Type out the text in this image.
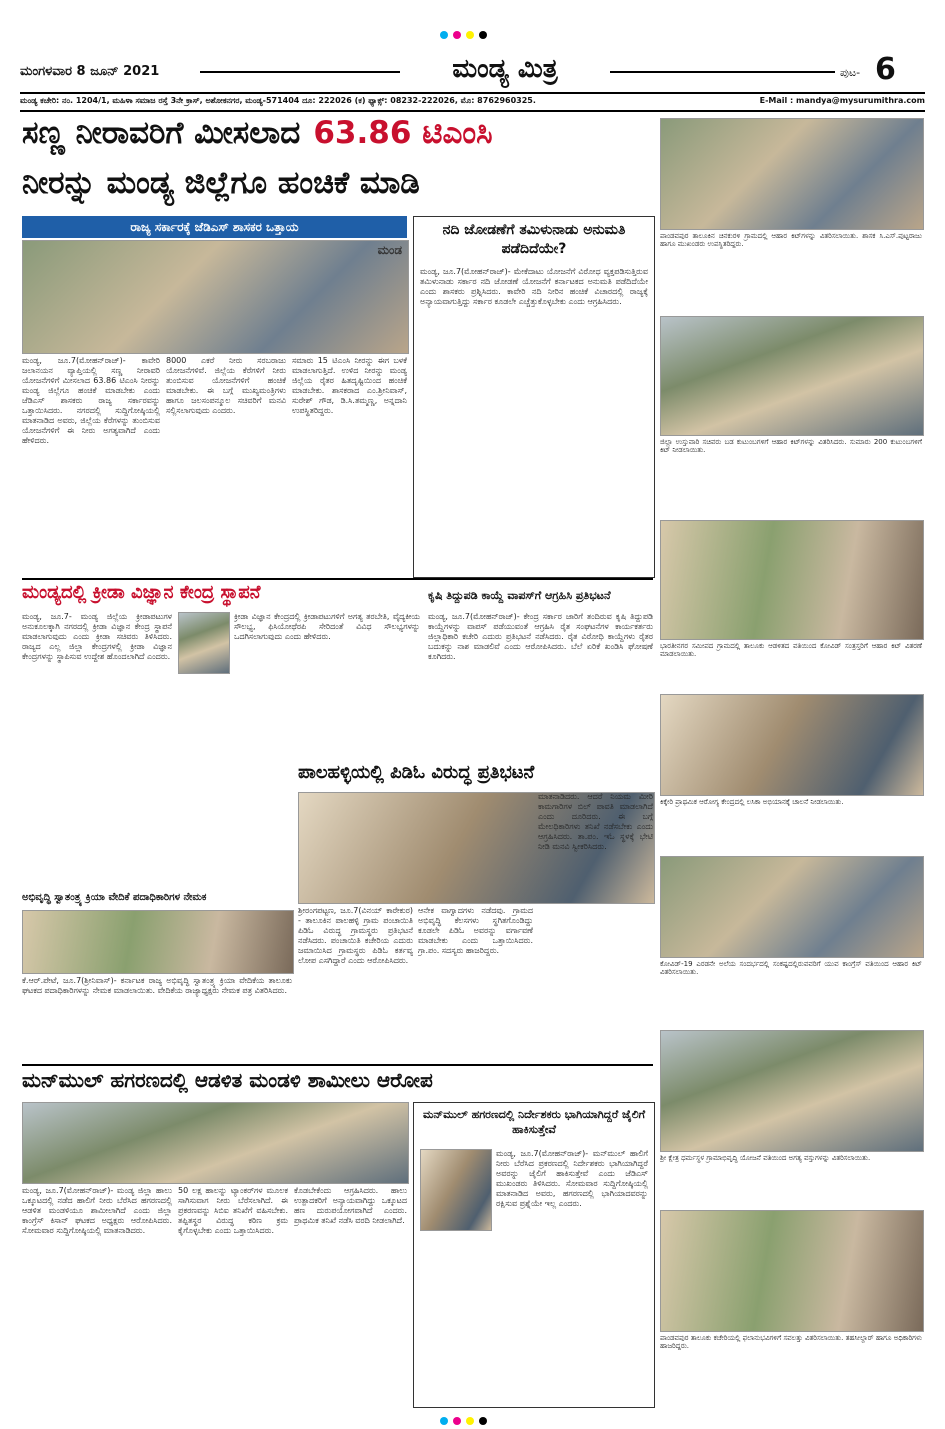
ಮಂಗಳವಾರ 8 ಜೂನ್ 2021	ಮಂಡ್ಯ ಮಿತ್ರ	ಪುಟ- 6
ಮಂಡ್ಯ ಕಚೇರಿ: ನಂ. 1204/1, ಮಹಿಳಾ ಸಮಾಜ ರಸ್ತೆ 3ನೇ ಕ್ರಾಸ್, ಅಶೋಕನಗರ, ಮಂಡ್ಯ-571404 ದೂ: 222026 (ಕ) ಫ್ಯಾಕ್ಸ್: 08232-222026, ಮೊ: 8762960325.	E-Mail : mandya@mysurumithra.com
ಸಣ್ಣ ನೀರಾವರಿಗೆ ಮೀಸಲಾದ 63.86 ಟಿಎಂಸಿ
ನೀರನ್ನು ಮಂಡ್ಯ ಜಿಲ್ಲೆಗೂ ಹಂಚಿಕೆ ಮಾಡಿ
ರಾಜ್ಯ ಸರ್ಕಾರಕ್ಕೆ ಜೆಡಿಎಸ್ ಶಾಸಕರ ಒತ್ತಾಯ
ಮಂಡ
ಮಂಡ್ಯ, ಜೂ.7(ಮೋಹನ್‌ರಾಜ್)- ಕಾವೇರಿ ಜಲಾನಯನ ವ್ಯಾಪ್ತಿಯಲ್ಲಿ ಸಣ್ಣ ನೀರಾವರಿ ಯೋಜನೆಗಳಿಗೆ ಮೀಸಲಾದ 63.86 ಟಿಎಂಸಿ ನೀರನ್ನು ಮಂಡ್ಯ ಜಿಲ್ಲೆಗೂ ಹಂಚಿಕೆ ಮಾಡಬೇಕು ಎಂದು ಜೆಡಿಎಸ್ ಶಾಸಕರು ರಾಜ್ಯ ಸರ್ಕಾರವನ್ನು ಒತ್ತಾಯಿಸಿದರು. ನಗರದಲ್ಲಿ ಸುದ್ದಿಗೋಷ್ಠಿಯಲ್ಲಿ ಮಾತನಾಡಿದ ಅವರು, ಜಿಲ್ಲೆಯ ಕೆರೆಗಳನ್ನು ತುಂಬಿಸುವ ಯೋಜನೆಗಳಿಗೆ ಈ ನೀರು ಅಗತ್ಯವಾಗಿದೆ ಎಂದು ಹೇಳಿದರು.
8000 ಎಕರೆ ನೀರು ಸರಬರಾಜು ಯೋಜನೆಗಳಿವೆ. ಜಿಲ್ಲೆಯ ಕೆರೆಗಳಿಗೆ ನೀರು ತುಂಬಿಸುವ ಯೋಜನೆಗಳಿಗೆ ಹಂಚಿಕೆ ಮಾಡಬೇಕು. ಈ ಬಗ್ಗೆ ಮುಖ್ಯಮಂತ್ರಿಗಳು ಹಾಗೂ ಜಲಸಂಪನ್ಮೂಲ ಸಚಿವರಿಗೆ ಮನವಿ ಸಲ್ಲಿಸಲಾಗುವುದು ಎಂದರು.
ಸಮಾರು 15 ಟಿಎಂಸಿ ನೀರನ್ನು ಈಗ ಬಳಕೆ ಮಾಡಲಾಗುತ್ತಿದೆ. ಉಳಿದ ನೀರನ್ನು ಮಂಡ್ಯ ಜಿಲ್ಲೆಯ ರೈತರ ಹಿತದೃಷ್ಟಿಯಿಂದ ಹಂಚಿಕೆ ಮಾಡಬೇಕು. ಶಾಸಕರಾದ ಎಂ.ಶ್ರೀನಿವಾಸ್, ಸುರೇಶ್ ಗೌಡ, ಡಿ.ಸಿ.ತಮ್ಮಣ್ಣ, ಅನ್ನದಾನಿ ಉಪಸ್ಥಿತರಿದ್ದರು.
ನದಿ ಜೋಡಣೆಗೆ ತಮಿಳುನಾಡು ಅನುಮತಿ ಪಡೆದಿದೆಯೇ?
ಮಂಡ್ಯ, ಜೂ.7(ಮೋಹನ್‌ರಾಜ್)- ಮೇಕೆದಾಟು ಯೋಜನೆಗೆ ವಿರೋಧ ವ್ಯಕ್ತಪಡಿಸುತ್ತಿರುವ ತಮಿಳುನಾಡು ಸರ್ಕಾರ ನದಿ ಜೋಡಣೆ ಯೋಜನೆಗೆ ಕರ್ನಾಟಕದ ಅನುಮತಿ ಪಡೆದಿದೆಯೇ ಎಂದು ಶಾಸಕರು ಪ್ರಶ್ನಿಸಿದರು. ಕಾವೇರಿ ನದಿ ನೀರಿನ ಹಂಚಿಕೆ ವಿಚಾರದಲ್ಲಿ ರಾಜ್ಯಕ್ಕೆ ಅನ್ಯಾಯವಾಗುತ್ತಿದ್ದು ಸರ್ಕಾರ ಕೂಡಲೇ ಎಚ್ಚೆತ್ತುಕೊಳ್ಳಬೇಕು ಎಂದು ಆಗ್ರಹಿಸಿದರು.
ಮಂಡ್ಯದಲ್ಲಿ ಕ್ರೀಡಾ ವಿಜ್ಞಾನ ಕೇಂದ್ರ ಸ್ಥಾಪನೆ
ಮಂಡ್ಯ, ಜೂ.7- ಮಂಡ್ಯ ಜಿಲ್ಲೆಯ ಕ್ರೀಡಾಪಟುಗಳ ಅನುಕೂಲಕ್ಕಾಗಿ ನಗರದಲ್ಲಿ ಕ್ರೀಡಾ ವಿಜ್ಞಾನ ಕೇಂದ್ರ ಸ್ಥಾಪನೆ ಮಾಡಲಾಗುವುದು ಎಂದು ಕ್ರೀಡಾ ಸಚಿವರು ತಿಳಿಸಿದರು. ರಾಜ್ಯದ ಎಲ್ಲ ಜಿಲ್ಲಾ ಕೇಂದ್ರಗಳಲ್ಲಿ ಕ್ರೀಡಾ ವಿಜ್ಞಾನ ಕೇಂದ್ರಗಳನ್ನು ಸ್ಥಾಪಿಸುವ ಉದ್ದೇಶ ಹೊಂದಲಾಗಿದೆ ಎಂದರು.
ಕ್ರೀಡಾ ವಿಜ್ಞಾನ ಕೇಂದ್ರದಲ್ಲಿ ಕ್ರೀಡಾಪಟುಗಳಿಗೆ ಅಗತ್ಯ ತರಬೇತಿ, ವೈದ್ಯಕೀಯ ಸೌಲಭ್ಯ, ಫಿಸಿಯೋಥೆರಪಿ ಸೇರಿದಂತೆ ವಿವಿಧ ಸೌಲಭ್ಯಗಳನ್ನು ಒದಗಿಸಲಾಗುವುದು ಎಂದು ಹೇಳಿದರು.
ಕೃಷಿ ತಿದ್ದುಪಡಿ ಕಾಯ್ದೆ ವಾಪಸ್‌ಗೆ ಆಗ್ರಹಿಸಿ ಪ್ರತಿಭಟನೆ
ಮಂಡ್ಯ, ಜೂ.7(ಮೋಹನ್‌ರಾಜ್)- ಕೇಂದ್ರ ಸರ್ಕಾರ ಜಾರಿಗೆ ತಂದಿರುವ ಕೃಷಿ ತಿದ್ದುಪಡಿ ಕಾಯ್ದೆಗಳನ್ನು ವಾಪಸ್ ಪಡೆಯುವಂತೆ ಆಗ್ರಹಿಸಿ ರೈತ ಸಂಘಟನೆಗಳ ಕಾರ್ಯಕರ್ತರು ಜಿಲ್ಲಾಧಿಕಾರಿ ಕಚೇರಿ ಎದುರು ಪ್ರತಿಭಟನೆ ನಡೆಸಿದರು. ರೈತ ವಿರೋಧಿ ಕಾಯ್ದೆಗಳು ರೈತರ ಬದುಕನ್ನು ನಾಶ ಮಾಡಲಿವೆ ಎಂದು ಆರೋಪಿಸಿದರು. ಬೆಲೆ ಏರಿಕೆ ಖಂಡಿಸಿ ಘೋಷಣೆ ಕೂಗಿದರು.
ಪಾಲಹಳ್ಳಿಯಲ್ಲಿ ಪಿಡಿಓ ವಿರುದ್ಧ ಪ್ರತಿಭಟನೆ
ಶ್ರೀರಂಗಪಟ್ಟಣ, ಜೂ.7(ವಿನಯ್ ಕಾರೇಕುರ) - ತಾಲೂಕಿನ ಪಾಲಹಳ್ಳಿ ಗ್ರಾಮ ಪಂಚಾಯಿತಿ ಪಿಡಿಓ ವಿರುದ್ಧ ಗ್ರಾಮಸ್ಥರು ಪ್ರತಿಭಟನೆ ನಡೆಸಿದರು. ಪಂಚಾಯಿತಿ ಕಚೇರಿಯ ಎದುರು ಜಮಾಯಿಸಿದ ಗ್ರಾಮಸ್ಥರು ಪಿಡಿಓ ಕರ್ತವ್ಯ ಲೋಪ ಎಸಗಿದ್ದಾರೆ ಎಂದು ಆರೋಪಿಸಿದರು.
ಆನೇಕ ವಾಗ್ವಾದಗಳು ನಡೆದವು. ಗ್ರಾಮದ ಅಭಿವೃದ್ಧಿ ಕೆಲಸಗಳು ಸ್ಥಗಿತಗೊಂಡಿದ್ದು ಕೂಡಲೇ ಪಿಡಿಓ ಅವರನ್ನು ವರ್ಗಾವಣೆ ಮಾಡಬೇಕು ಎಂದು ಒತ್ತಾಯಿಸಿದರು. ಗ್ರಾ.ಪಂ. ಸದಸ್ಯರು ಹಾಜರಿದ್ದರು.
ಮಾತನಾಡಿದರು. ಆದರೆ ನಿಯಮ ಮೀರಿ ಕಾಮಗಾರಿಗಳ ಬಿಲ್ ಪಾವತಿ ಮಾಡಲಾಗಿದೆ ಎಂದು ದೂರಿದರು. ಈ ಬಗ್ಗೆ ಮೇಲಧಿಕಾರಿಗಳು ತನಿಖೆ ನಡೆಸಬೇಕು ಎಂದು ಆಗ್ರಹಿಸಿದರು. ತಾ.ಪಂ. ಇಓ ಸ್ಥಳಕ್ಕೆ ಭೇಟಿ ನೀಡಿ ಮನವಿ ಸ್ವೀಕರಿಸಿದರು.
ಅಭಿವೃದ್ಧಿ ಸ್ವಾತಂತ್ರ್ಯ ಕ್ರಿಯಾ ವೇದಿಕೆ ಪದಾಧಿಕಾರಿಗಳ ನೇಮಕ
ಕೆ.ಆರ್.ಪೇಟೆ, ಜೂ.7(ಶ್ರೀನಿವಾಸ್)- ಕರ್ನಾಟಕ ರಾಜ್ಯ ಅಭಿವೃದ್ಧಿ ಸ್ವಾತಂತ್ರ್ಯ ಕ್ರಿಯಾ ವೇದಿಕೆಯ ತಾಲೂಕು ಘಟಕದ ಪದಾಧಿಕಾರಿಗಳನ್ನು ನೇಮಕ ಮಾಡಲಾಯಿತು. ವೇದಿಕೆಯ ರಾಜ್ಯಾಧ್ಯಕ್ಷರು ನೇಮಕ ಪತ್ರ ವಿತರಿಸಿದರು.
ಮನ್‌ಮುಲ್ ಹಗರಣದಲ್ಲಿ ಆಡಳಿತ ಮಂಡಳಿ ಶಾಮೀಲು ಆರೋಪ
ಮಂಡ್ಯ, ಜೂ.7(ಮೋಹನ್‌ರಾಜ್)- ಮಂಡ್ಯ ಜಿಲ್ಲಾ ಹಾಲು ಒಕ್ಕೂಟದಲ್ಲಿ ನಡೆದ ಹಾಲಿಗೆ ನೀರು ಬೆರೆಸಿದ ಹಗರಣದಲ್ಲಿ ಆಡಳಿತ ಮಂಡಳಿಯೂ ಶಾಮೀಲಾಗಿದೆ ಎಂದು ಜಿಲ್ಲಾ ಕಾಂಗ್ರೆಸ್ ಕಿಸಾನ್ ಘಟಕದ ಅಧ್ಯಕ್ಷರು ಆರೋಪಿಸಿದರು. ಸೋಮವಾರ ಸುದ್ದಿಗೋಷ್ಠಿಯಲ್ಲಿ ಮಾತನಾಡಿದರು.
50 ಲಕ್ಷ ಹಾಲನ್ನು ಟ್ಯಾಂಕರ್‌ಗಳ ಮೂಲಕ ಸಾಗಿಸುವಾಗ ನೀರು ಬೆರೆಸಲಾಗಿದೆ. ಈ ಪ್ರಕರಣವನ್ನು ಸಿಬಿಐ ತನಿಖೆಗೆ ವಹಿಸಬೇಕು. ತಪ್ಪಿತಸ್ಥರ ವಿರುದ್ಧ ಕಠಿಣ ಕ್ರಮ ಕೈಗೊಳ್ಳಬೇಕು ಎಂದು ಒತ್ತಾಯಿಸಿದರು.
ಕೊಡಬೇಕೆಂದು ಆಗ್ರಹಿಸಿದರು. ಹಾಲು ಉತ್ಪಾದಕರಿಗೆ ಅನ್ಯಾಯವಾಗಿದ್ದು ಒಕ್ಕೂಟದ ಹಣ ದುರುಪಯೋಗವಾಗಿದೆ ಎಂದರು. ಪ್ರಾಥಮಿಕ ತನಿಖೆ ನಡೆಸಿ ವರದಿ ನೀಡಲಾಗಿದೆ.
ಮನ್‌ಮುಲ್ ಹಗರಣದಲ್ಲಿ ನಿರ್ದೇಶಕರು ಭಾಗಿಯಾಗಿದ್ದರೆ ಜೈಲಿಗೆ ಹಾಕಿಸುತ್ತೇವೆ
ಮಂಡ್ಯ, ಜೂ.7(ಮೋಹನ್‌ರಾಜ್)- ಮನ್‌ಮುಲ್ ಹಾಲಿಗೆ ನೀರು ಬೆರೆಸಿದ ಪ್ರಕರಣದಲ್ಲಿ ನಿರ್ದೇಶಕರು ಭಾಗಿಯಾಗಿದ್ದರೆ ಅವರನ್ನು ಜೈಲಿಗೆ ಹಾಕಿಸುತ್ತೇವೆ ಎಂದು ಜೆಡಿಎಸ್ ಮುಖಂಡರು ತಿಳಿಸಿದರು. ಸೋಮವಾರ ಸುದ್ದಿಗೋಷ್ಠಿಯಲ್ಲಿ ಮಾತನಾಡಿದ ಅವರು, ಹಗರಣದಲ್ಲಿ ಭಾಗಿಯಾದವರನ್ನು ರಕ್ಷಿಸುವ ಪ್ರಶ್ನೆಯೇ ಇಲ್ಲ ಎಂದರು.
ಪಾಂಡವಪುರ ತಾಲೂಕಿನ ಚಿನಕುರಳಿ ಗ್ರಾಮದಲ್ಲಿ ಆಹಾರ ಕಿಟ್‌ಗಳನ್ನು ವಿತರಿಸಲಾಯಿತು. ಶಾಸಕ ಸಿ.ಎಸ್.ಪುಟ್ಟರಾಜು ಹಾಗೂ ಮುಖಂಡರು ಉಪಸ್ಥಿತರಿದ್ದರು.
ಜಿಲ್ಲಾ ಉಸ್ತುವಾರಿ ಸಚಿವರು ಬಡ ಕುಟುಂಬಗಳಿಗೆ ಆಹಾರ ಕಿಟ್‌ಗಳನ್ನು ವಿತರಿಸಿದರು. ಸುಮಾರು 200 ಕುಟುಂಬಗಳಿಗೆ ಕಿಟ್ ನೀಡಲಾಯಿತು.
ಭಾರತೀನಗರ ಸಮೀಪದ ಗ್ರಾಮದಲ್ಲಿ ತಾಲೂಕು ಆಡಳಿತದ ವತಿಯಿಂದ ಕೋವಿಡ್ ಸಂತ್ರಸ್ತರಿಗೆ ಆಹಾರ ಕಿಟ್ ವಿತರಣೆ ಮಾಡಲಾಯಿತು.
ಕಿಕ್ಕೇರಿ ಪ್ರಾಥಮಿಕ ಆರೋಗ್ಯ ಕೇಂದ್ರದಲ್ಲಿ ಲಸಿಕಾ ಅಭಿಯಾನಕ್ಕೆ ಚಾಲನೆ ನೀಡಲಾಯಿತು.
ಕೋವಿಡ್-19 ಎರಡನೇ ಅಲೆಯ ಸಂದರ್ಭದಲ್ಲಿ ಸಂಕಷ್ಟದಲ್ಲಿರುವವರಿಗೆ ಯುವ ಕಾಂಗ್ರೆಸ್ ವತಿಯಿಂದ ಆಹಾರ ಕಿಟ್ ವಿತರಿಸಲಾಯಿತು.
ಶ್ರೀ ಕ್ಷೇತ್ರ ಧರ್ಮಸ್ಥಳ ಗ್ರಾಮಾಭಿವೃದ್ಧಿ ಯೋಜನೆ ವತಿಯಿಂದ ಅಗತ್ಯ ವಸ್ತುಗಳನ್ನು ವಿತರಿಸಲಾಯಿತು.
ಪಾಂಡವಪುರ ತಾಲೂಕು ಕಚೇರಿಯಲ್ಲಿ ಫಲಾನುಭವಿಗಳಿಗೆ ಸವಲತ್ತು ವಿತರಿಸಲಾಯಿತು. ತಹಸೀಲ್ದಾರ್ ಹಾಗೂ ಅಧಿಕಾರಿಗಳು ಹಾಜರಿದ್ದರು.
